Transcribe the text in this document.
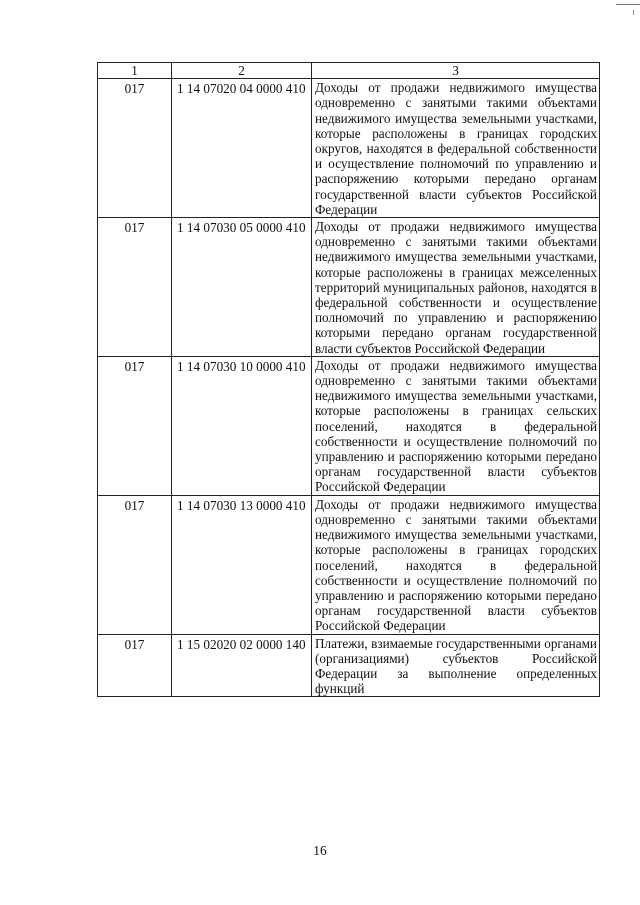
1	2	3
017	1 14 07020 04 0000 410	Доходы от продажи недвижимого имущества одновременно с занятыми такими объектами недвижимого имущества земельными участками, которые расположены в границах городских округов, находятся в федеральной собственности и осуществление полномочий по управлению и распоряжению которыми передано органам государственной власти субъектов Российской Федерации
017	1 14 07030 05 0000 410	Доходы от продажи недвижимого имущества одновременно с занятыми такими объектами недвижимого имущества земельными участками, которые расположены в границах межселенных территорий муниципальных районов, находятся в федеральной собственности и осуществление полномочий по управлению и распоряжению которыми передано органам государственной власти субъектов Российской Федерации
017	1 14 07030 10 0000 410	Доходы от продажи недвижимого имущества одновременно с занятыми такими объектами недвижимого имущества земельными участками, которые расположены в границах сельских поселений, находятся в федеральной собственности и осуществление полномочий по управлению и распоряжению которыми передано органам государственной власти субъектов Российской Федерации
017	1 14 07030 13 0000 410	Доходы от продажи недвижимого имущества одновременно с занятыми такими объектами недвижимого имущества земельными участками, которые расположены в границах городских поселений, находятся в федеральной собственности и осуществление полномочий по управлению и распоряжению которыми передано органам государственной власти субъектов Российской Федерации
017	1 15 02020 02 0000 140	Платежи, взимаемые государственными органами (организациями) субъектов Российской Федерации за выполнение определенных функций
16
